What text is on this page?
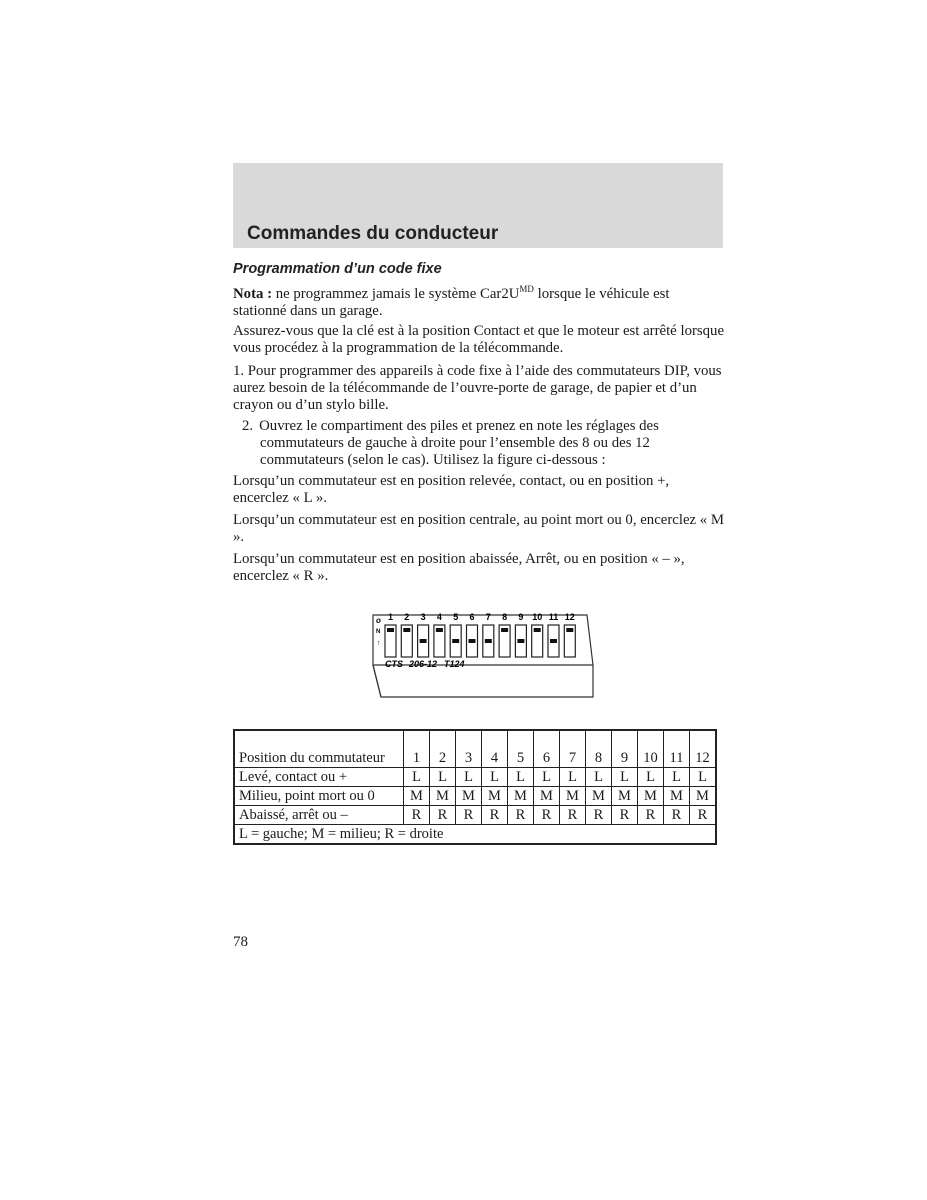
Commandes du conducteur
Programmation d’un code fixe
Nota : ne programmez jamais le système $Car2U^{MD}$ lorsque le véhicule est stationné dans un garage.
Assurez-vous que la clé est à la position Contact et que le moteur est arrêté lorsque vous procédez à la programmation de la télécommande.
1. Pour programmer des appareils à code fixe à l’aide des commutateurs DIP, vous aurez besoin de la télécommande de l’ouvre-porte de garage, de papier et d’un crayon ou d’un stylo bille.
2. Ouvrez le compartiment des piles et prenez en note les réglages des commutateurs de gauche à droite pour l’ensemble des 8 ou des 12 commutateurs (selon le cas). Utilisez la figure ci-dessous :
Lorsqu’un commutateur est en position relevée, contact, ou en position +, encerclez « L ».
Lorsqu’un commutateur est en position centrale, au point mort ou 0, encerclez « M ».
Lorsqu’un commutateur est en position abaissée, Arrêt, ou en position « – », encerclez « R ».
o
N
↑
1 2 3 4 5 6 7 8 9 10 11 12
CTS 206-12 T124
Position du commutateur	1	2	3	4	5	6	7	8	9	10	11	12
Levé, contact ou +	L	L	L	L	L	L	L	L	L	L	L	L
Milieu, point mort ou 0	M	M	M	M	M	M	M	M	M	M	M	M
Abaissé, arrêt ou –	R	R	R	R	R	R	R	R	R	R	R	R
L = gauche; M = milieu; R = droite												
78
